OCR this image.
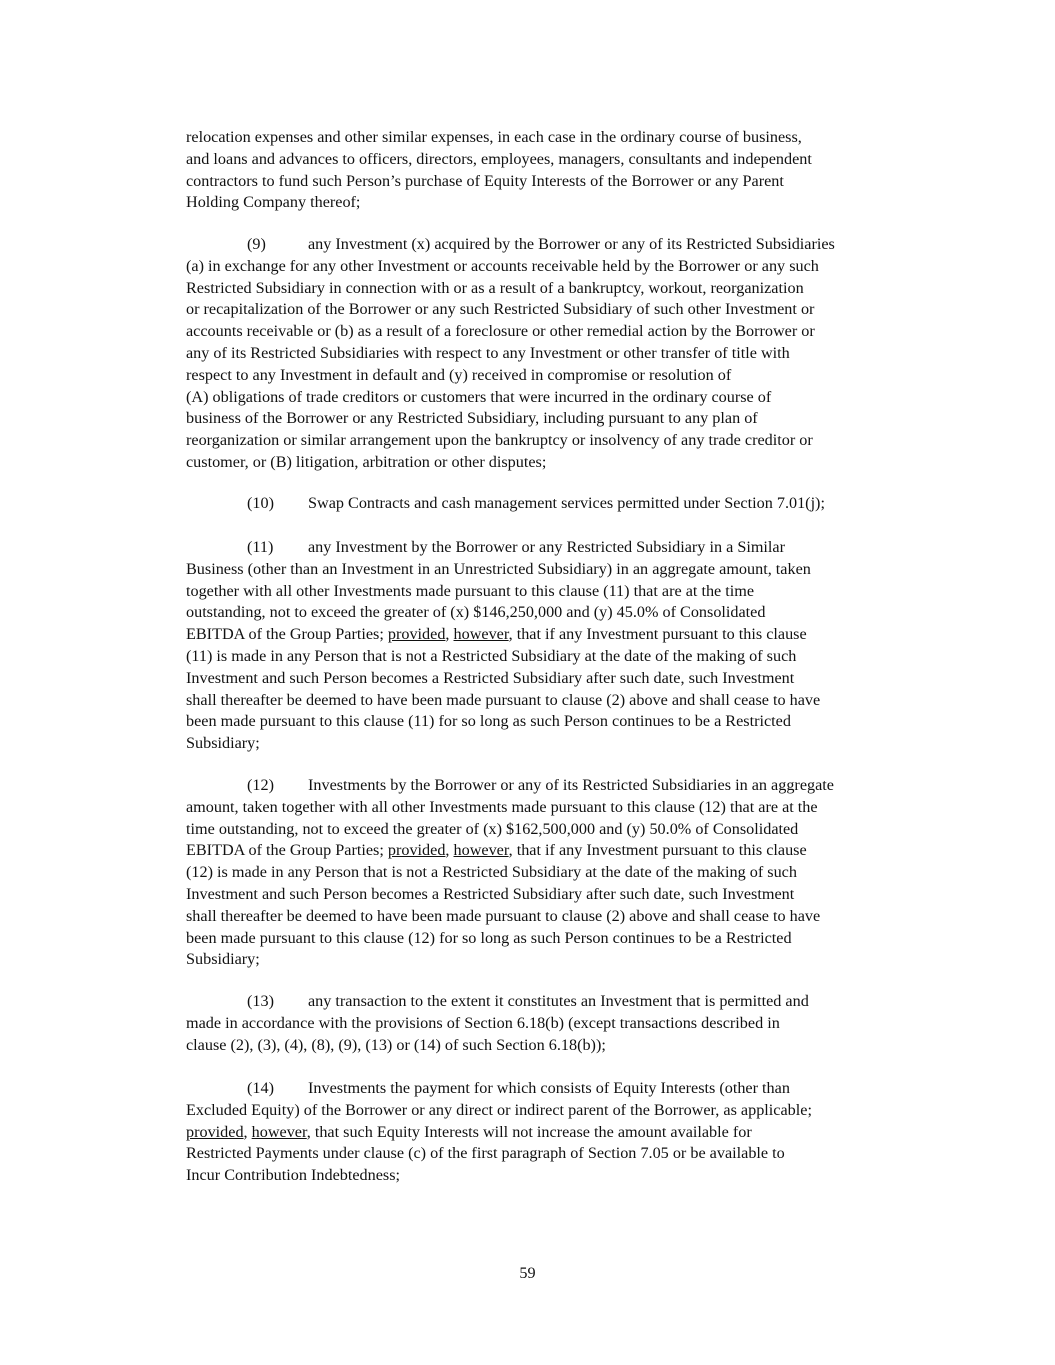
relocation expenses and other similar expenses, in each case in the ordinary course of business,
and loans and advances to officers, directors, employees, managers, consultants and independent
contractors to fund such Person’s purchase of Equity Interests of the Borrower or any Parent
Holding Company thereof;
(9)	any Investment (x) acquired by the Borrower or any of its Restricted Subsidiaries
(a) in exchange for any other Investment or accounts receivable held by the Borrower or any such
Restricted Subsidiary in connection with or as a result of a bankruptcy, workout, reorganization
or recapitalization of the Borrower or any such Restricted Subsidiary of such other Investment or
accounts receivable or (b) as a result of a foreclosure or other remedial action by the Borrower or
any of its Restricted Subsidiaries with respect to any Investment or other transfer of title with
respect to any Investment in default and (y) received in compromise or resolution of
(A) obligations of trade creditors or customers that were incurred in the ordinary course of
business of the Borrower or any Restricted Subsidiary, including pursuant to any plan of
reorganization or similar arrangement upon the bankruptcy or insolvency of any trade creditor or
customer, or (B) litigation, arbitration or other disputes;
(10) Swap Contracts and cash management services permitted under Section 7.01(j);
(11) any Investment by the Borrower or any Restricted Subsidiary in a Similar
Business (other than an Investment in an Unrestricted Subsidiary) in an aggregate amount, taken
together with all other Investments made pursuant to this clause (11) that are at the time
outstanding, not to exceed the greater of (x) $146,250,000 and (y) 45.0% of Consolidated
EBITDA of the Group Parties; provided, however, that if any Investment pursuant to this clause
(11) is made in any Person that is not a Restricted Subsidiary at the date of the making of such
Investment and such Person becomes a Restricted Subsidiary after such date, such Investment
shall thereafter be deemed to have been made pursuant to clause (2) above and shall cease to have
been made pursuant to this clause (11) for so long as such Person continues to be a Restricted
Subsidiary;
(12) Investments by the Borrower or any of its Restricted Subsidiaries in an aggregate
amount, taken together with all other Investments made pursuant to this clause (12) that are at the
time outstanding, not to exceed the greater of (x) $162,500,000 and (y) 50.0% of Consolidated
EBITDA of the Group Parties; provided, however, that if any Investment pursuant to this clause
(12) is made in any Person that is not a Restricted Subsidiary at the date of the making of such
Investment and such Person becomes a Restricted Subsidiary after such date, such Investment
shall thereafter be deemed to have been made pursuant to clause (2) above and shall cease to have
been made pursuant to this clause (12) for so long as such Person continues to be a Restricted
Subsidiary;
(13) any transaction to the extent it constitutes an Investment that is permitted and
made in accordance with the provisions of Section 6.18(b) (except transactions described in
clause (2), (3), (4), (8), (9), (13) or (14) of such Section 6.18(b));
(14) Investments the payment for which consists of Equity Interests (other than
Excluded Equity) of the Borrower or any direct or indirect parent of the Borrower, as applicable;
provided, however, that such Equity Interests will not increase the amount available for
Restricted Payments under clause (c) of the first paragraph of Section 7.05 or be available to
Incur Contribution Indebtedness;
59
